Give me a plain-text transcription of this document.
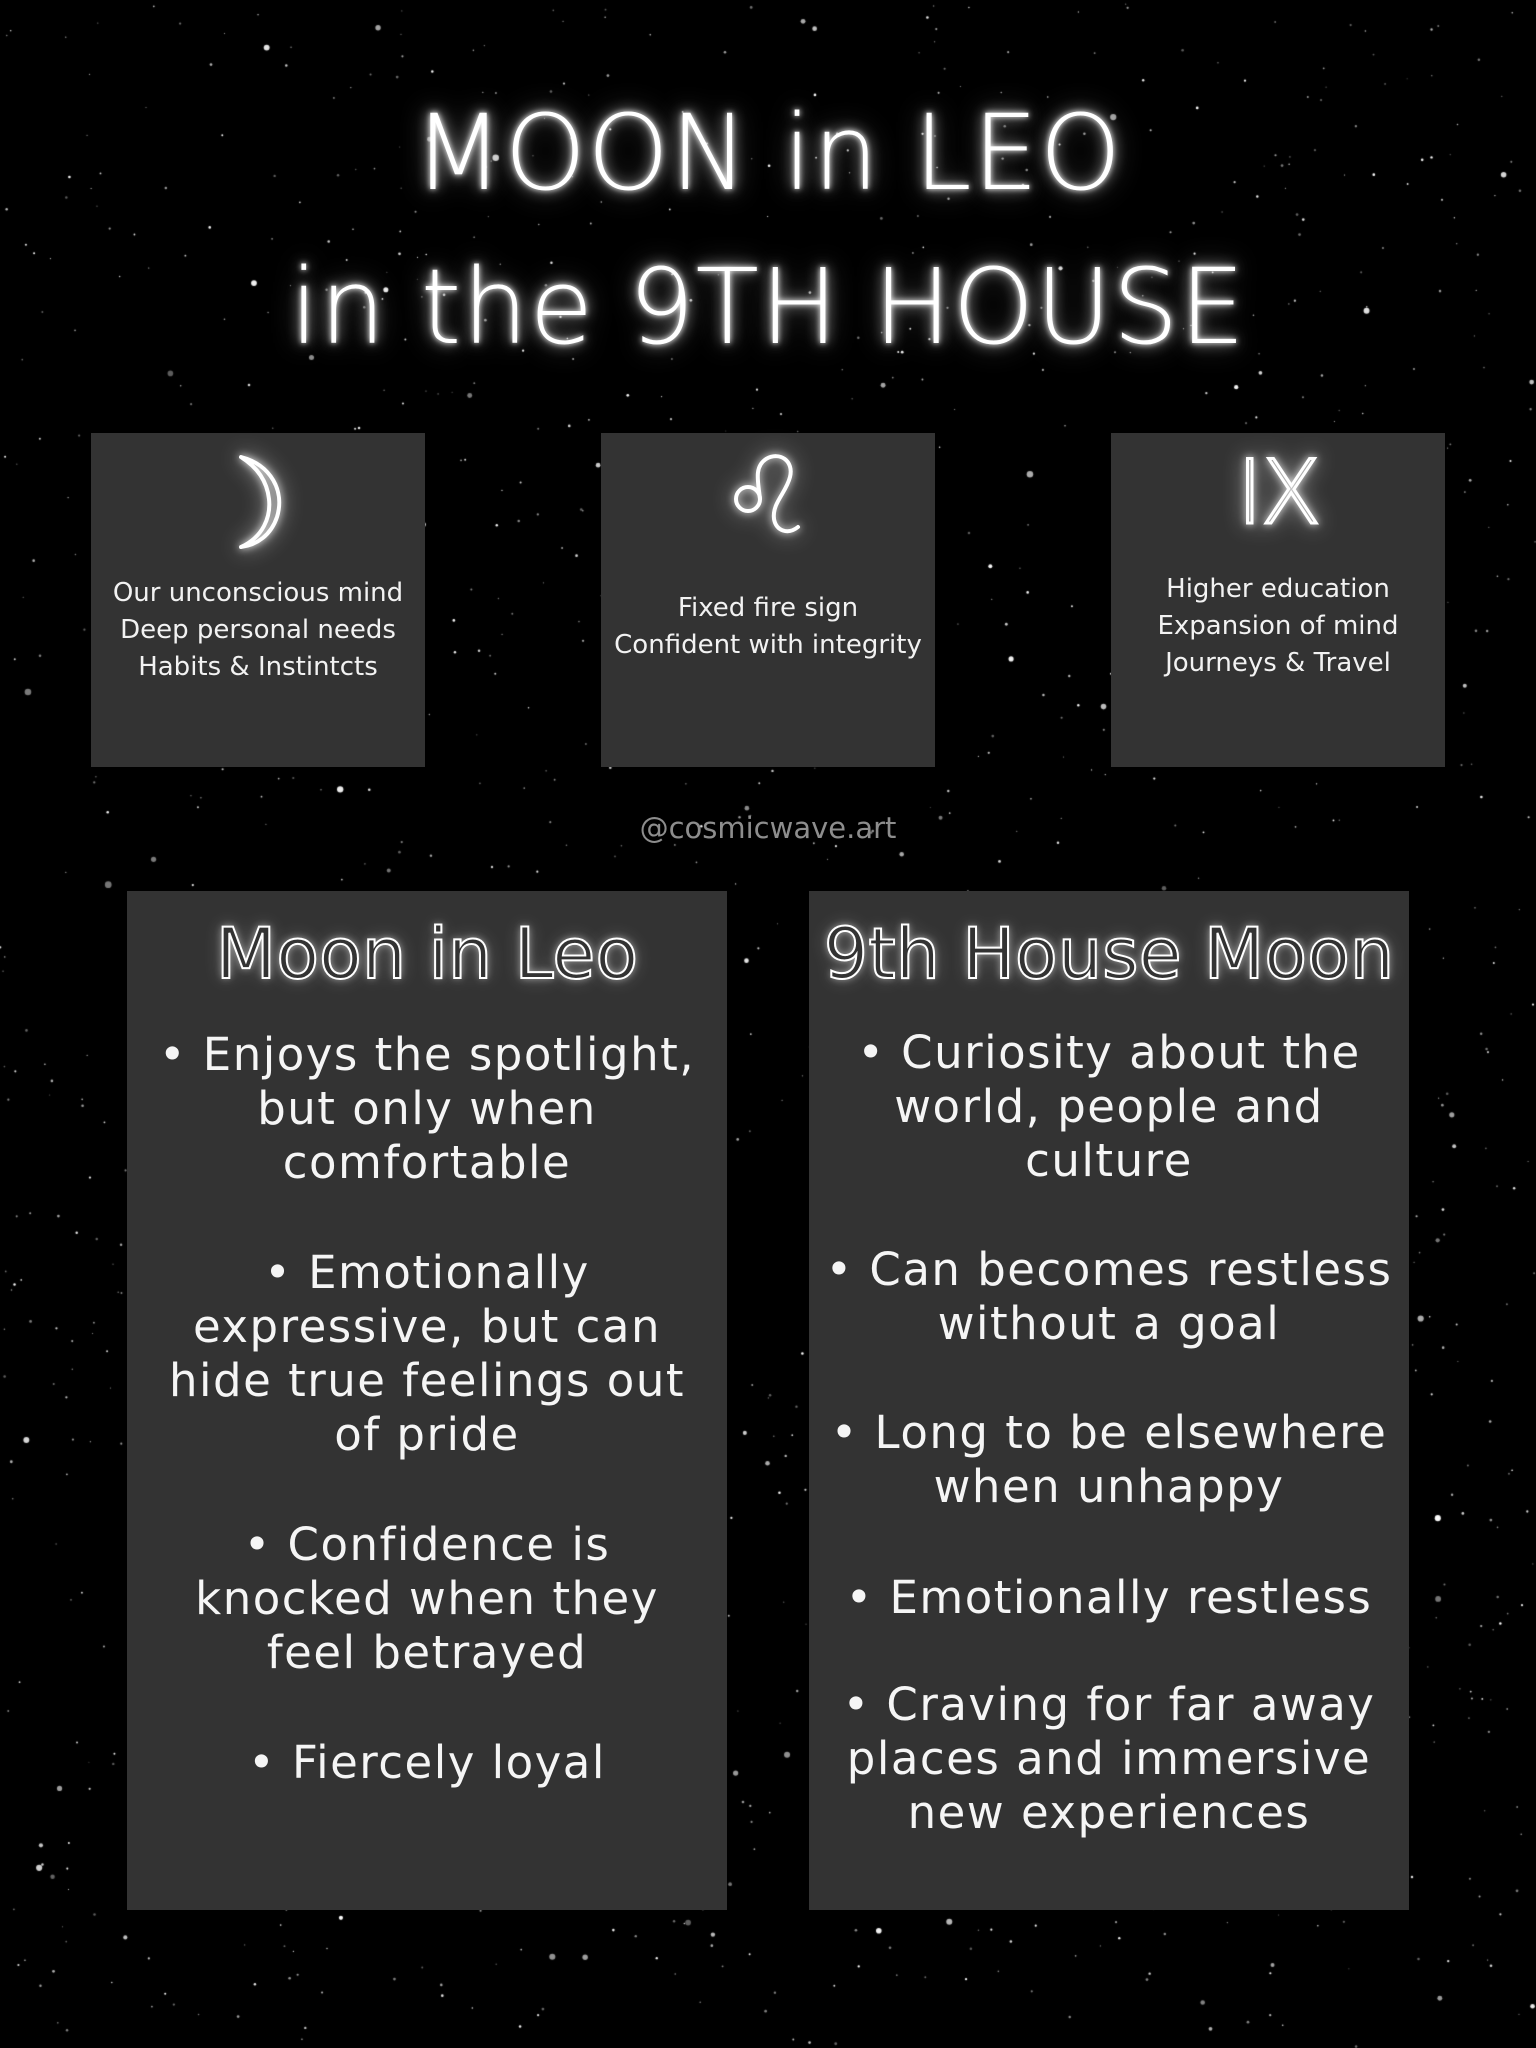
MOON in LEO
in the 9TH HOUSE
Our unconscious mind
Deep personal needs
Habits & Instintcts
Fixed fire sign
Confident with integrity
IX
Higher education
Expansion of mind
Journeys & Travel
@cosmicwave.art
Moon in Leo
• Enjoys the spotlight,
but only when
comfortable
• Emotionally
expressive, but can
hide true feelings out
of pride
• Confidence is
knocked when they
feel betrayed
• Fiercely loyal
9th House Moon
• Curiosity about the
world, people and
culture
• Can becomes restless
without a goal
• Long to be elsewhere
when unhappy
• Emotionally restless
• Craving for far away
places and immersive
new experiences
